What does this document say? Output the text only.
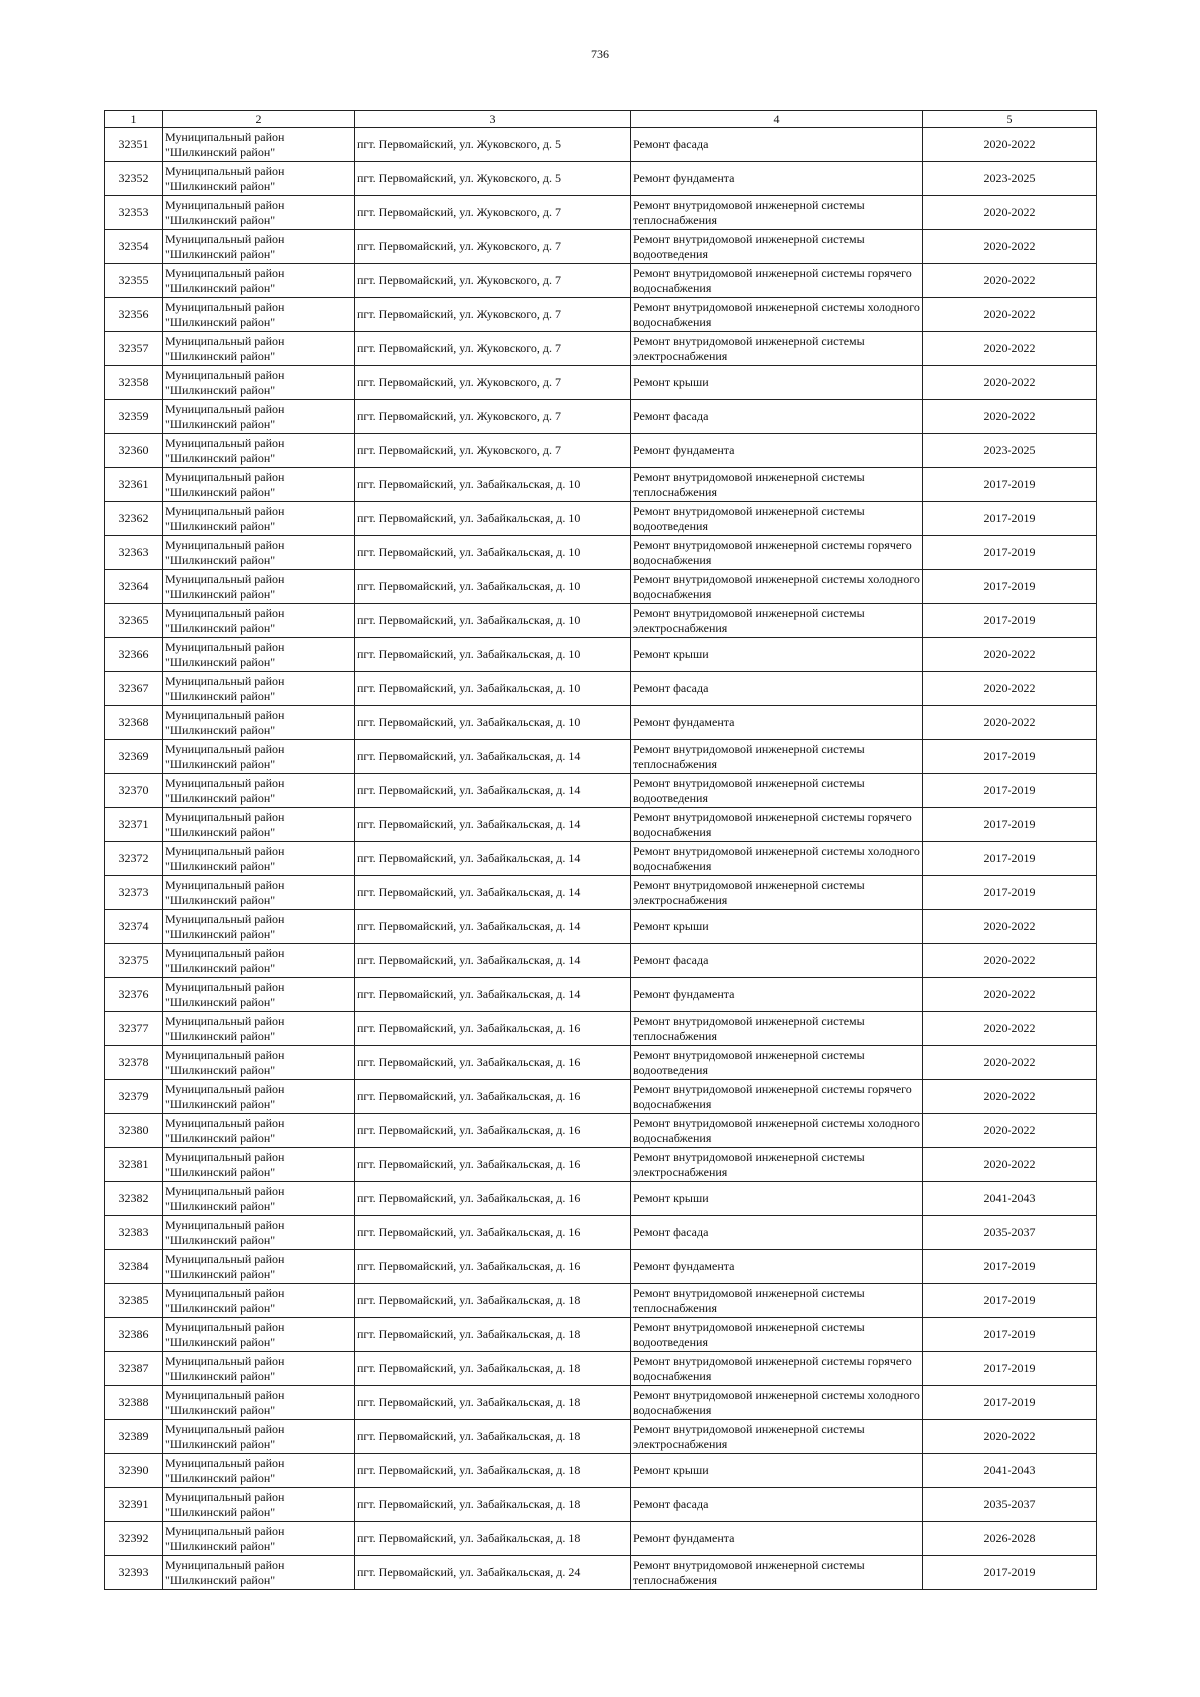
736
1	2	3	4	5
32351	Муниципальный район "Шилкинский район"	пгт. Первомайский, ул. Жуковского, д. 5	Ремонт фасада	2020-2022
32352	Муниципальный район "Шилкинский район"	пгт. Первомайский, ул. Жуковского, д. 5	Ремонт фундамента	2023-2025
32353	Муниципальный район "Шилкинский район"	пгт. Первомайский, ул. Жуковского, д. 7	Ремонт внутридомовой инженерной системы теплоснабжения	2020-2022
32354	Муниципальный район "Шилкинский район"	пгт. Первомайский, ул. Жуковского, д. 7	Ремонт внутридомовой инженерной системы водоотведения	2020-2022
32355	Муниципальный район "Шилкинский район"	пгт. Первомайский, ул. Жуковского, д. 7	Ремонт внутридомовой инженерной системы горячего водоснабжения	2020-2022
32356	Муниципальный район "Шилкинский район"	пгт. Первомайский, ул. Жуковского, д. 7	Ремонт внутридомовой инженерной системы холодного водоснабжения	2020-2022
32357	Муниципальный район "Шилкинский район"	пгт. Первомайский, ул. Жуковского, д. 7	Ремонт внутридомовой инженерной системы электроснабжения	2020-2022
32358	Муниципальный район "Шилкинский район"	пгт. Первомайский, ул. Жуковского, д. 7	Ремонт крыши	2020-2022
32359	Муниципальный район "Шилкинский район"	пгт. Первомайский, ул. Жуковского, д. 7	Ремонт фасада	2020-2022
32360	Муниципальный район "Шилкинский район"	пгт. Первомайский, ул. Жуковского, д. 7	Ремонт фундамента	2023-2025
32361	Муниципальный район "Шилкинский район"	пгт. Первомайский, ул. Забайкальская, д. 10	Ремонт внутридомовой инженерной системы теплоснабжения	2017-2019
32362	Муниципальный район "Шилкинский район"	пгт. Первомайский, ул. Забайкальская, д. 10	Ремонт внутридомовой инженерной системы водоотведения	2017-2019
32363	Муниципальный район "Шилкинский район"	пгт. Первомайский, ул. Забайкальская, д. 10	Ремонт внутридомовой инженерной системы горячего водоснабжения	2017-2019
32364	Муниципальный район "Шилкинский район"	пгт. Первомайский, ул. Забайкальская, д. 10	Ремонт внутридомовой инженерной системы холодного водоснабжения	2017-2019
32365	Муниципальный район "Шилкинский район"	пгт. Первомайский, ул. Забайкальская, д. 10	Ремонт внутридомовой инженерной системы электроснабжения	2017-2019
32366	Муниципальный район "Шилкинский район"	пгт. Первомайский, ул. Забайкальская, д. 10	Ремонт крыши	2020-2022
32367	Муниципальный район "Шилкинский район"	пгт. Первомайский, ул. Забайкальская, д. 10	Ремонт фасада	2020-2022
32368	Муниципальный район "Шилкинский район"	пгт. Первомайский, ул. Забайкальская, д. 10	Ремонт фундамента	2020-2022
32369	Муниципальный район "Шилкинский район"	пгт. Первомайский, ул. Забайкальская, д. 14	Ремонт внутридомовой инженерной системы теплоснабжения	2017-2019
32370	Муниципальный район "Шилкинский район"	пгт. Первомайский, ул. Забайкальская, д. 14	Ремонт внутридомовой инженерной системы водоотведения	2017-2019
32371	Муниципальный район "Шилкинский район"	пгт. Первомайский, ул. Забайкальская, д. 14	Ремонт внутридомовой инженерной системы горячего водоснабжения	2017-2019
32372	Муниципальный район "Шилкинский район"	пгт. Первомайский, ул. Забайкальская, д. 14	Ремонт внутридомовой инженерной системы холодного водоснабжения	2017-2019
32373	Муниципальный район "Шилкинский район"	пгт. Первомайский, ул. Забайкальская, д. 14	Ремонт внутридомовой инженерной системы электроснабжения	2017-2019
32374	Муниципальный район "Шилкинский район"	пгт. Первомайский, ул. Забайкальская, д. 14	Ремонт крыши	2020-2022
32375	Муниципальный район "Шилкинский район"	пгт. Первомайский, ул. Забайкальская, д. 14	Ремонт фасада	2020-2022
32376	Муниципальный район "Шилкинский район"	пгт. Первомайский, ул. Забайкальская, д. 14	Ремонт фундамента	2020-2022
32377	Муниципальный район "Шилкинский район"	пгт. Первомайский, ул. Забайкальская, д. 16	Ремонт внутридомовой инженерной системы теплоснабжения	2020-2022
32378	Муниципальный район "Шилкинский район"	пгт. Первомайский, ул. Забайкальская, д. 16	Ремонт внутридомовой инженерной системы водоотведения	2020-2022
32379	Муниципальный район "Шилкинский район"	пгт. Первомайский, ул. Забайкальская, д. 16	Ремонт внутридомовой инженерной системы горячего водоснабжения	2020-2022
32380	Муниципальный район "Шилкинский район"	пгт. Первомайский, ул. Забайкальская, д. 16	Ремонт внутридомовой инженерной системы холодного водоснабжения	2020-2022
32381	Муниципальный район "Шилкинский район"	пгт. Первомайский, ул. Забайкальская, д. 16	Ремонт внутридомовой инженерной системы электроснабжения	2020-2022
32382	Муниципальный район "Шилкинский район"	пгт. Первомайский, ул. Забайкальская, д. 16	Ремонт крыши	2041-2043
32383	Муниципальный район "Шилкинский район"	пгт. Первомайский, ул. Забайкальская, д. 16	Ремонт фасада	2035-2037
32384	Муниципальный район "Шилкинский район"	пгт. Первомайский, ул. Забайкальская, д. 16	Ремонт фундамента	2017-2019
32385	Муниципальный район "Шилкинский район"	пгт. Первомайский, ул. Забайкальская, д. 18	Ремонт внутридомовой инженерной системы теплоснабжения	2017-2019
32386	Муниципальный район "Шилкинский район"	пгт. Первомайский, ул. Забайкальская, д. 18	Ремонт внутридомовой инженерной системы водоотведения	2017-2019
32387	Муниципальный район "Шилкинский район"	пгт. Первомайский, ул. Забайкальская, д. 18	Ремонт внутридомовой инженерной системы горячего водоснабжения	2017-2019
32388	Муниципальный район "Шилкинский район"	пгт. Первомайский, ул. Забайкальская, д. 18	Ремонт внутридомовой инженерной системы холодного водоснабжения	2017-2019
32389	Муниципальный район "Шилкинский район"	пгт. Первомайский, ул. Забайкальская, д. 18	Ремонт внутридомовой инженерной системы электроснабжения	2020-2022
32390	Муниципальный район "Шилкинский район"	пгт. Первомайский, ул. Забайкальская, д. 18	Ремонт крыши	2041-2043
32391	Муниципальный район "Шилкинский район"	пгт. Первомайский, ул. Забайкальская, д. 18	Ремонт фасада	2035-2037
32392	Муниципальный район "Шилкинский район"	пгт. Первомайский, ул. Забайкальская, д. 18	Ремонт фундамента	2026-2028
32393	Муниципальный район "Шилкинский район"	пгт. Первомайский, ул. Забайкальская, д. 24	Ремонт внутридомовой инженерной системы теплоснабжения	2017-2019
